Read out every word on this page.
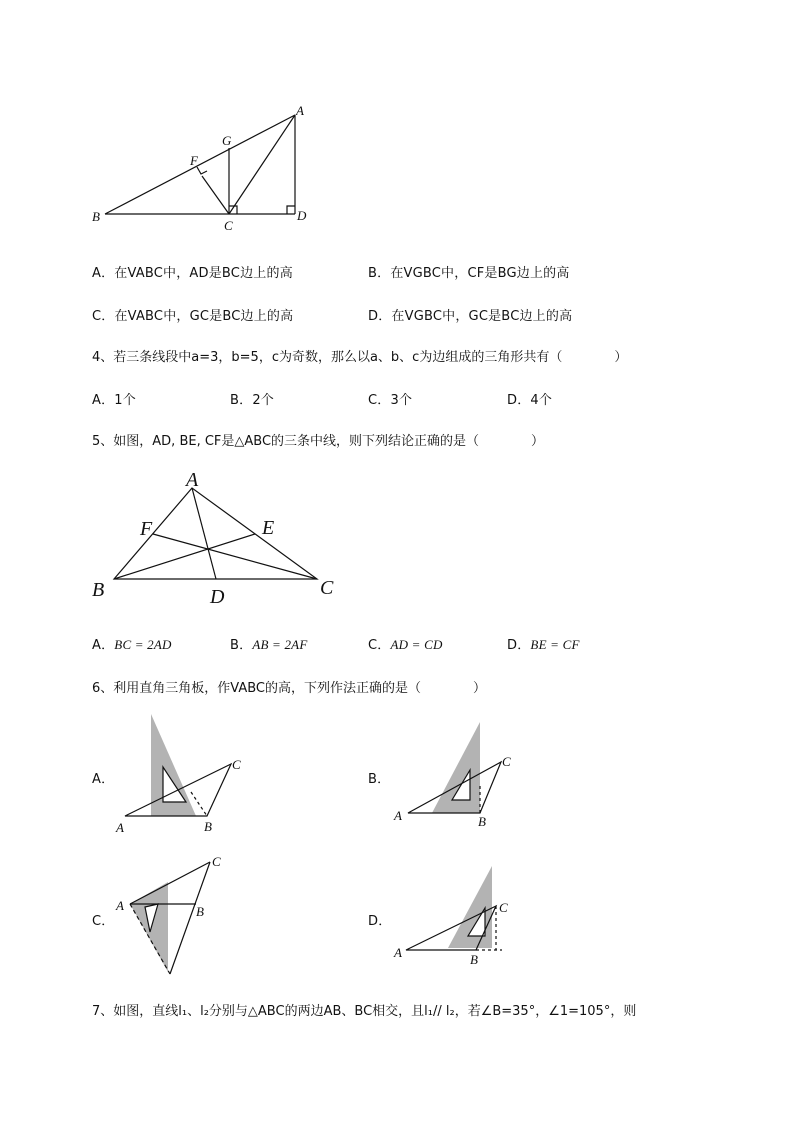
A
B
C
D
F
G
A．在VABC中，AD是BC边上的高	B．在VGBC中，CF是BG边上的高
C．在VABC中，GC是BC边上的高	D．在VGBC中，GC是BC边上的高
4、若三条线段中a=3，b=5，c为奇数，那么以a、b、c为边组成的三角形共有（　　　　）
A．1个	B．2个	C．3个	D．4个
5、如图，AD, BE, CF是△ABC的三条中线，则下列结论正确的是（　　　　）
A
B	C
D
E
F
A．BC = 2AD	B．AB = 2AF	C．AD = CD	D．BE = CF
6、利用直角三角板，作VABC的高，下列作法正确的是（　　　　）
A．
C
A	B
B．
C
A	B
C．
C
A	B
D．
C
A	B
7、如图，直线l₁、l₂分别与△ABC的两边AB、BC相交，且l₁// l₂，若∠B=35°，∠1=105°，则
